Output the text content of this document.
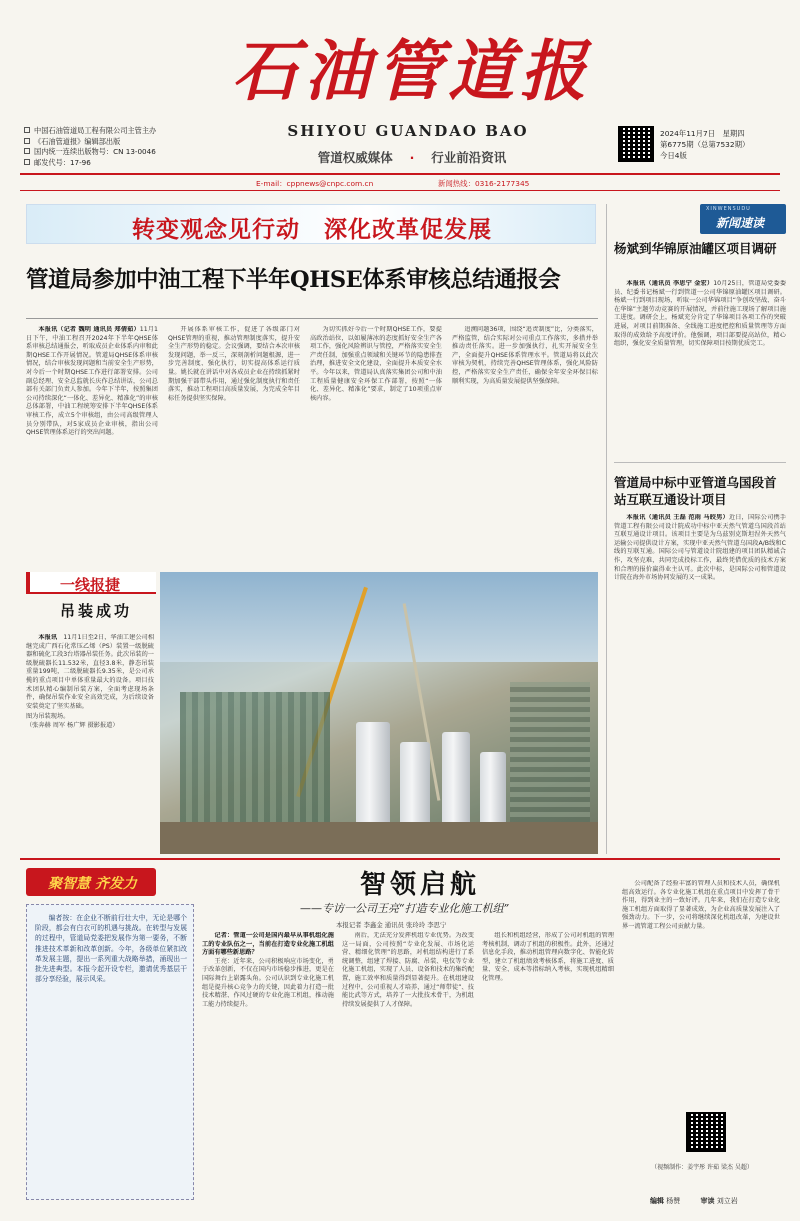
石油管道报
SHIYOU GUANDAO BAO
管道权威媒体 　·　 行业前沿资讯
中国石油管道局工程有限公司主管主办
《石油管道报》编辑部出版
国内统一连续出版物号：CN 13-0046
邮发代号：17-96
2024年11月7日　星期四
第6775期（总第7532期）
今日4版
E-mail：cppnews@cnpc.com.cn	新闻热线：0316-2177345
转变观念见行动　深化改革促发展
管道局参加中油工程下半年QHSE体系审核总结通报会

本报讯（记者 魏明 通讯员 郑倩茹）11月1日下午，中油工程召开2024年下半年QHSE体系审核总结通报会，听取成员企业体系内审和此期QHSE工作开展情况。管道局QHSE体系审核情况，结合审核发现问题和当前安全生产形势，对今后一个时期QHSE工作进行部署安排。公司副总经理、安全总监就长庆作总结讲话，公司总部有关部门负责人参加。今年下半年，按照集团公司持续深化“一体化、差异化、精准化”的审核总体部署，中油工程统筹安排下半年QHSE体系审核工作，成立5个审核组，由公司高级管理人员分别带队，对5家成员企业审核，指出公司QHSE管理体系运行的突出问题。

开展体系审核工作，促进了各级部门对QHSE管理的重视，推动管理制度落实，提升安全生产形势的稳定。会议强调，要结合本次审核发现问题，举一反三，深刻剖析问题根源，进一步完善制度、强化执行，切实提高体系运行质量。姚长就在讲话中对各成员企业在持续抓紧时期加强干部带头作用，通过强化制度执行和责任落实，推动工程项目高质量发展，为完成全年目标任务提供坚实保障。

为切实抓好今后一个时期QHSE工作，要提高政治站位，以如履薄冰的态度抓好安全生产各项工作，强化风险辨识与管控，严格落实安全生产责任制，加强重点领域和关键环节的隐患排查治理，推进安全文化建设，全面提升本质安全水平。今年以来，管道局认真落实集团公司和中油工程质量健康安全环保工作部署，按照“一体化、差异化、精准化”要求，制定了10项重点审核内容。

追溯问题36项，围绕“追责制度”比，分类落实，严格监管，结合实际对公司重点工作落实，多措并举推动责任落实。进一步加强执行，扎实开展安全生产，全面提升QHSE体系管理水平。管道局将以此次审核为契机，持续完善QHSE管理体系，强化风险防控，严格落实安全生产责任，确保全年安全环保目标顺利实现，为高质量发展提供坚强保障。

一线报捷
吊装成功

本报讯　 11月1日至2日，华油工建公司相继完成广西石化常压乙烯（PS）装置一级脱硫器和硫化工段3台塔器吊装任务。此次吊装的一级脱硫器长11.532米，直径3.8米，静态吊装重量199吨，二级脱硫器长9.35米，是公司承揽的重点项目中单体重量最大的设备。项目技术团队精心编制吊装方案，全面考虑现场条件，确保吊装作业安全高效完成，为后续设备安装奠定了坚实基础。

图为吊装现场。

（张奔赫 周军 杨广辉 摄影报道）

XINWENSUDU
新闻速读
杨斌到华锦原油罐区项目调研

本报讯（通讯员 李思宁 金宏）10月25日，管道局党委委员、纪委书记杨斌一行到管道一公司华锦原油罐区项目调研。杨斌一行到项目现场，听取一公司华锦项目“争创攻坚战、奋斗在华锦”主题劳动竞赛的开展情况，并前往施工现场了解项目施工进度。调研会上，杨斌充分肯定了华锦项目各项工作的突破进展，对项目前期准备、全线施工进度把控和质量管理等方面取得的成效给予高度评价。他强调，项目部要提高站位，精心组织，强化安全质量管理，切实保障项目按期优质完工。

管道局中标中亚管道乌国段首站互联互通设计项目

本报讯（通讯员 王磊 范雨 马皎男）近日，国际公司携手管道工程有限公司设计院成功中标中亚天然气管道乌国段首站互联互通设计项目。该项目主要是为乌兹别克斯坦涅外天然气运输公司提供设计方案，实现中亚天然气管道乌国段A/B线和C线的互联互通。国际公司与管道设计院组建的项目团队精诚合作，攻坚克难，共同完成投标工作，最终凭借优质的技术方案和合理的报价赢得业主认可。此次中标，是国际公司和管道设计院在海外市场协同发展的又一成果。

聚智慧 齐发力	智领启航
——专访一公司王亮“打造专业化施工机组”
本报记者 李鑫金 通讯员 张玲玲 李思宁

编者按：在企业不断前行壮大中，无论是哪个阶段，都会有白衣可的机遇与挑战。在转型与发展的过程中，管道局党委把发展作为第一要务，不断推进技术革新和改革创新。今年，各级单位紧扣改革发展主题，提出一系列重大战略举措，涌现出一批先进典型。本报今起开设专栏，邀请优秀基层干部分享经验，展示风采。

记者：管道一公司是国内最早从事机组化施工的专业队伍之一，当前在打造专业化施工机组方面有哪些新思路？

王亮：近年来，公司积极响应市场变化，勇于改革创新，不仅在国内市场稳步推进，更是在国际舞台上崭露头角。公司认识到专业化施工机组是提升核心竞争力的关键，因此着力打造一批技术精湛、作风过硬的专业化施工机组，推动施工能力持续提升。

南后，无法充分发挥机组专业优势。为改变这一局面，公司按照“专业化发展、市场化运营、精细化管理”的思路，对机组结构进行了系统调整，组建了焊接、防腐、吊装、电仪等专业化施工机组，实现了人员、设备和技术的集约配置，施工效率和质量得到显著提升。在机组建设过程中，公司重视人才培养，通过“师带徒”、技能比武等方式，培养了一大批技术骨干，为机组持续发展提供了人才保障。

组长和机组经营，形成了公司对机组的管理考核机制，调动了机组的积极性。此外，还通过信息化手段，推动机组管理向数字化、智能化转型，建立了机组绩效考核体系，将施工进度、质量、安全、成本等指标纳入考核，实现机组精细化管理。

公司配备了经验丰富的管理人员和技术人员，确保机组高效运行。各专业化施工机组在重点项目中发挥了骨干作用，得到业主的一致好评。几年来，我们在打造专业化施工机组方面取得了显著成效，为企业高质量发展注入了强劲动力。下一步，公司将继续深化机组改革，为建设世界一流管道工程公司贡献力量。

（视频制作：姜宇彤 许茹 梁杰 吴超）
编辑 杨赞	审读 刘立岩
